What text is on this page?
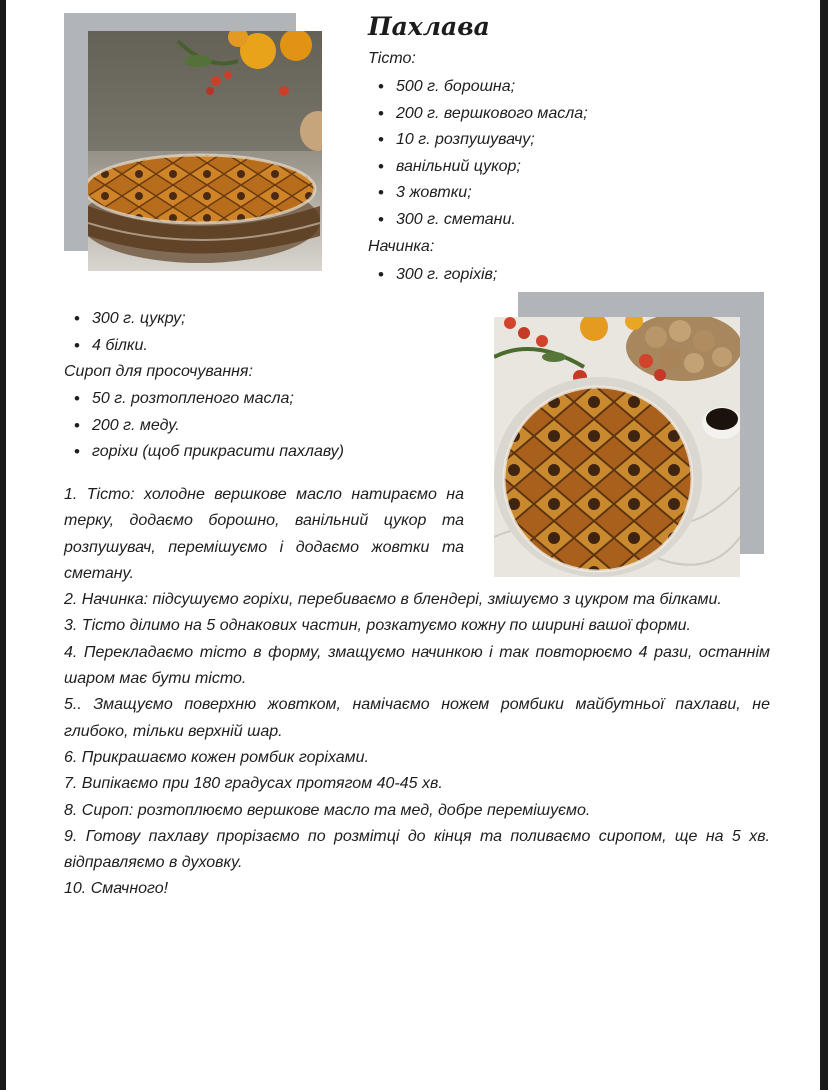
Пахлава

Тісто:

• 500 г. борошна;
• 200 г. вершкового масла;
• 10 г. розпушувачу;
• ванільний цукор;
• 3 жовтки;
• 300 г. сметани.

Начинка:

• 300 г. горіхів;
• 300 г. цукру;
• 4 білки.

Сироп для просочування:

• 50 г. розтопленого масла;
• 200 г. меду.
• горіхи (щоб прикрасити пахлаву)
1. Тісто: холодне вершкове масло натираємо на терку, додаємо борошно, ванільний цукор та розпушувач, перемішуємо і додаємо жовтки та сметану.
2. Начинка: підсушуємо горіхи, перебиваємо в блендері, змішуємо з цукром та білками.
3. Тісто ділимо на 5 однакових частин, розкатуємо кожну по ширині вашої форми.
4. Перекладаємо тісто в форму, змащуємо начинкою і так повторюємо 4 рази, останнім шаром має бути тісто.
5.. Змащуємо поверхню жовтком, намічаємо ножем ромбики майбутньої пахлави, не глибоко, тільки верхній шар.
6. Прикрашаємо кожен ромбик горіхами.
7. Випікаємо при 180 градусах протягом 40-45 хв.
8. Сироп: розтоплюємо вершкове масло та мед, добре перемішуємо.
9. Готову пахлаву прорізаємо по розмітці до кінця та поливаємо сиропом, ще на 5 хв. відправляємо в духовку.
10. Смачного!
